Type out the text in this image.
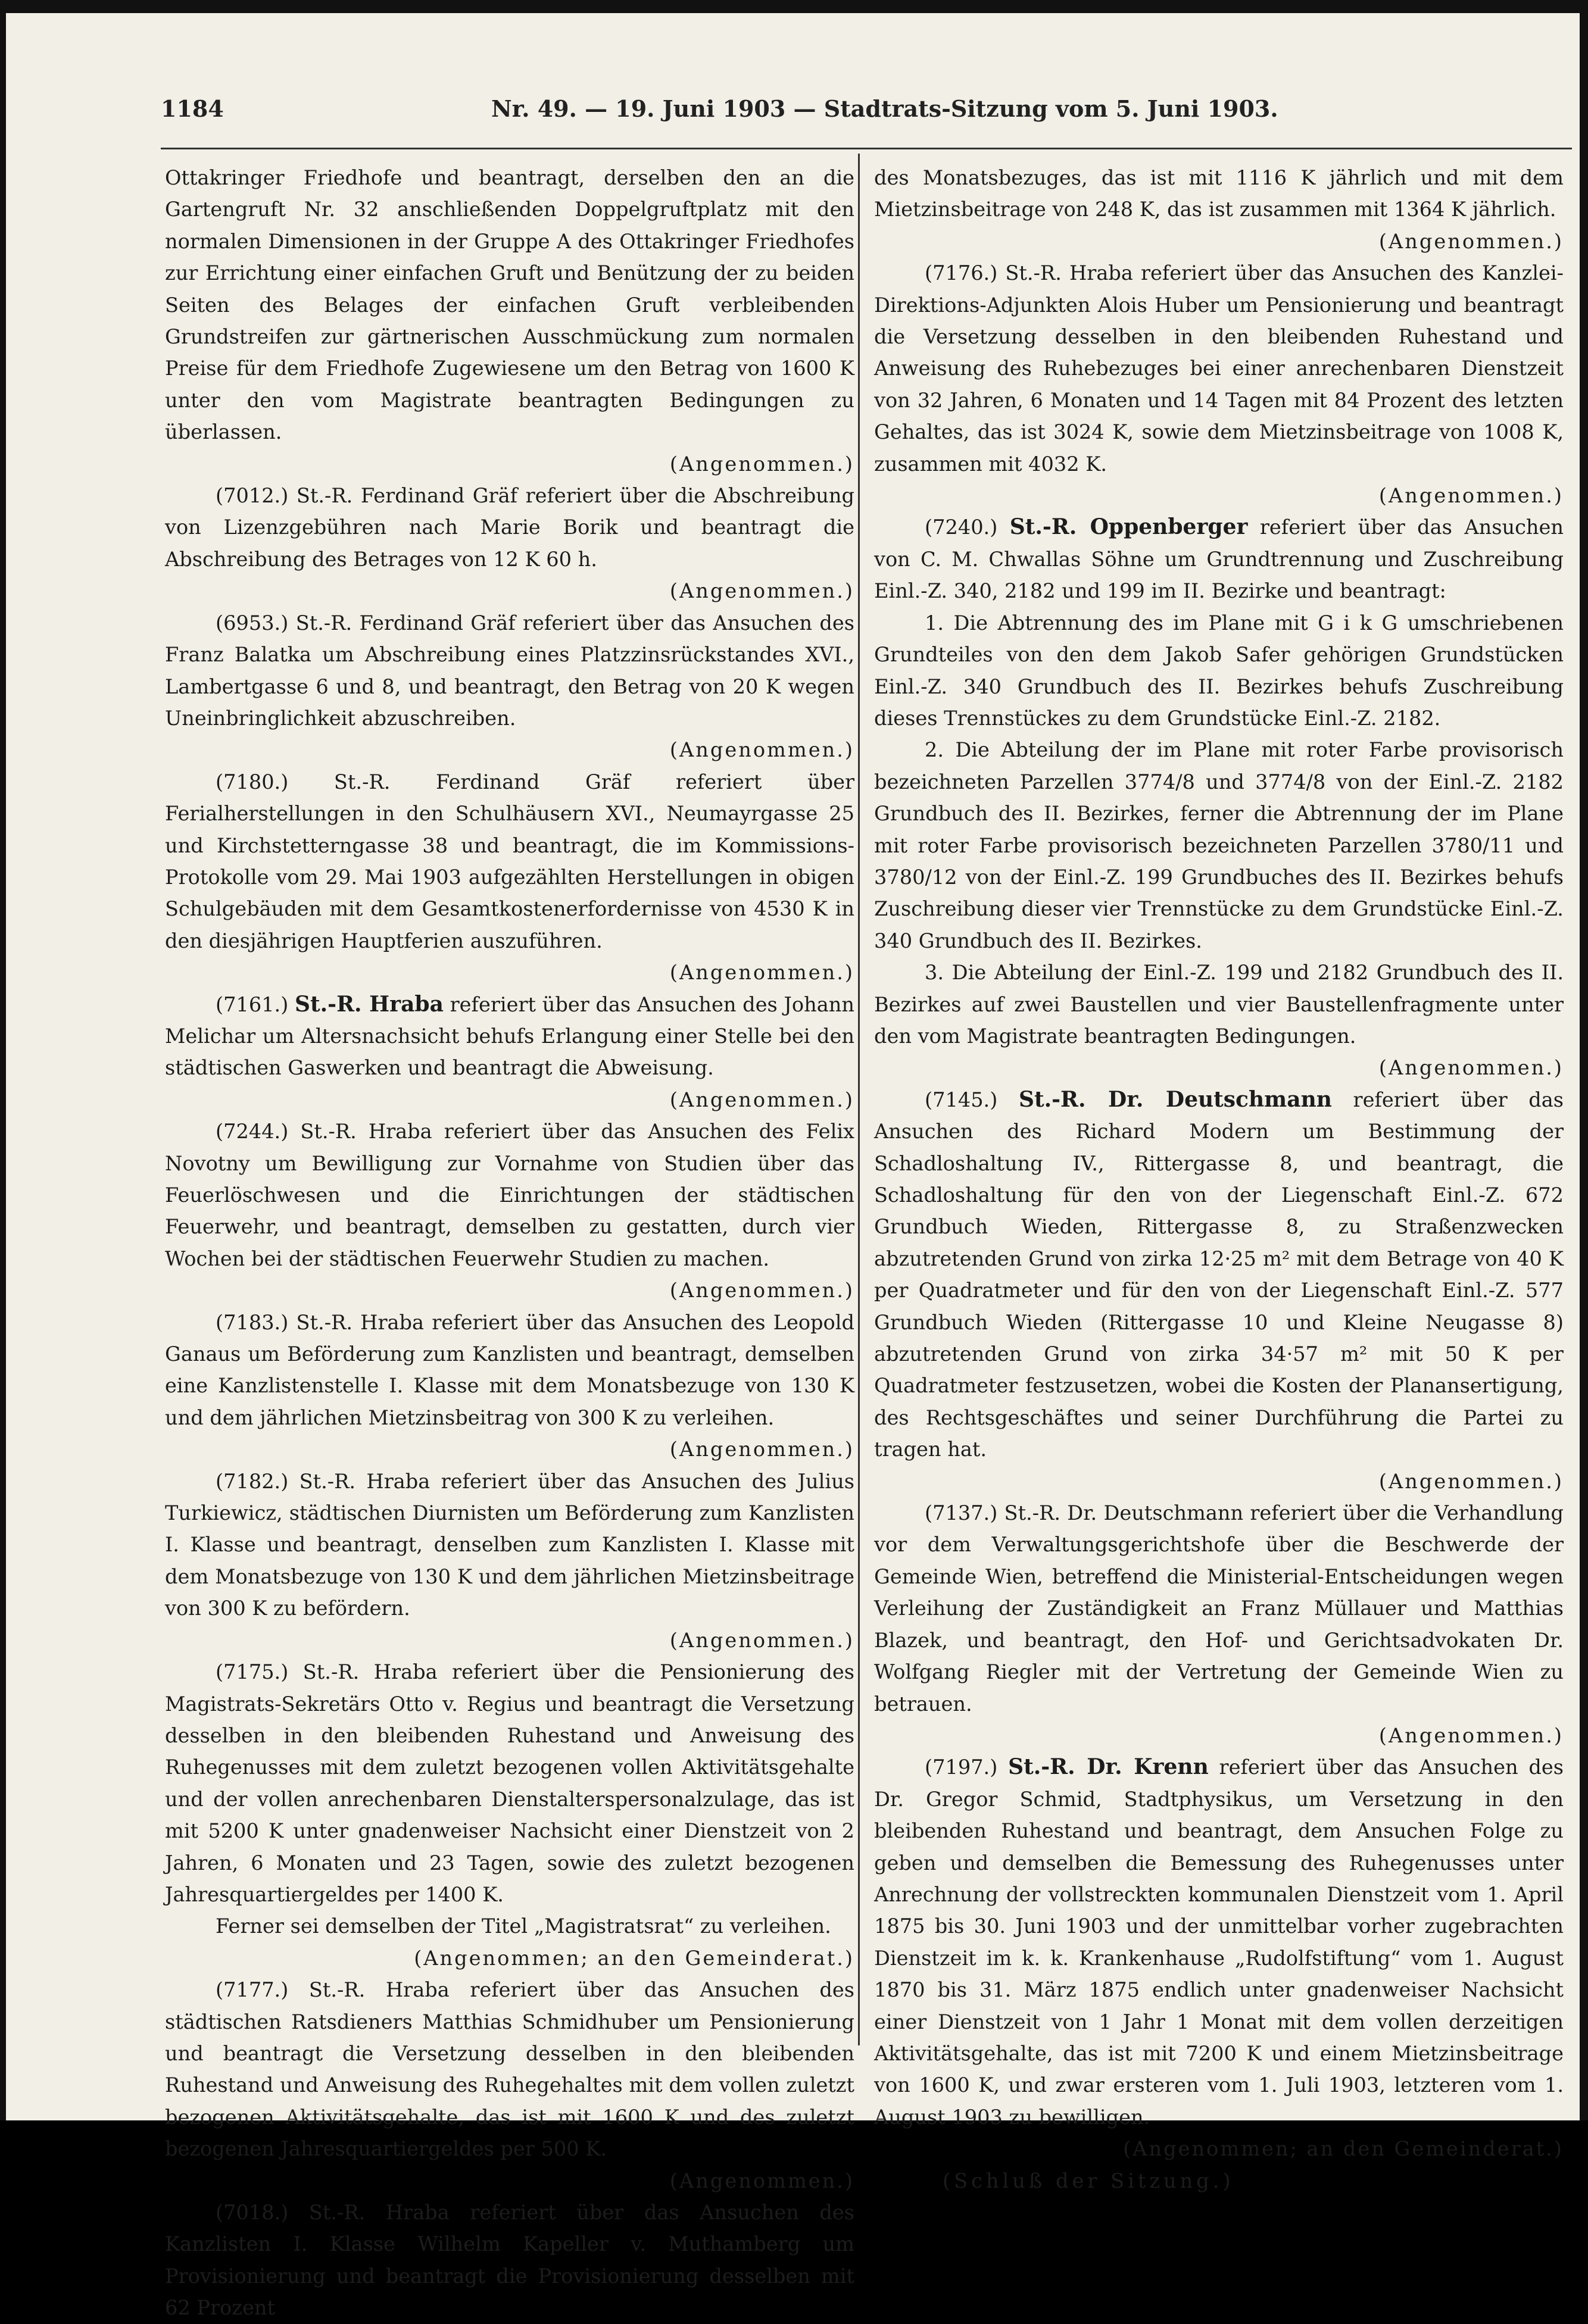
1184	Nr. 49. — 19. Juni 1903 — Stadtrats-Sitzung vom 5. Juni 1903.

Ottakringer Friedhofe und beantragt, derselben den an die Gartengruft Nr. 32 anschließenden Doppelgruftplatz mit den normalen Dimensionen in der Gruppe A des Ottakringer Friedhofes zur Errichtung einer einfachen Gruft und Benützung der zu beiden Seiten des Belages der einfachen Gruft verbleibenden Grundstreifen zur gärtnerischen Ausschmückung zum normalen Preise für dem Friedhofe Zugewiesene um den Betrag von 1600 K unter den vom Magistrate beantragten Bedingungen zu überlassen.
(Angenommen.)

(7012.) St.-R. Ferdinand Gräf referiert über die Abschreibung von Lizenzgebühren nach Marie Borik und beantragt die Abschreibung des Betrages von 12 K 60 h.
(Angenommen.)

(6953.) St.-R. Ferdinand Gräf referiert über das Ansuchen des Franz Balatka um Abschreibung eines Platzzinsrückstandes XVI., Lambertgasse 6 und 8, und beantragt, den Betrag von 20 K wegen Uneinbringlichkeit abzuschreiben.
(Angenommen.)

(7180.) St.-R. Ferdinand Gräf referiert über Ferialherstellungen in den Schulhäusern XVI., Neumayrgasse 25 und Kirchstetterngasse 38 und beantragt, die im Kommissions-Protokolle vom 29. Mai 1903 aufgezählten Herstellungen in obigen Schulgebäuden mit dem Gesamtkostenerfordernisse von 4530 K in den diesjährigen Hauptferien auszuführen.
(Angenommen.)

(7161.) St.-R. Hraba referiert über das Ansuchen des Johann Melichar um Altersnachsicht behufs Erlangung einer Stelle bei den städtischen Gaswerken und beantragt die Abweisung.
(Angenommen.)

(7244.) St.-R. Hraba referiert über das Ansuchen des Felix Novotny um Bewilligung zur Vornahme von Studien über das Feuerlöschwesen und die Einrichtungen der städtischen Feuerwehr, und beantragt, demselben zu gestatten, durch vier Wochen bei der städtischen Feuerwehr Studien zu machen.
(Angenommen.)

(7183.) St.-R. Hraba referiert über das Ansuchen des Leopold Ganaus um Beförderung zum Kanzlisten und beantragt, demselben eine Kanzlistenstelle I. Klasse mit dem Monatsbezuge von 130 K und dem jährlichen Mietzinsbeitrag von 300 K zu verleihen.
(Angenommen.)

(7182.) St.-R. Hraba referiert über das Ansuchen des Julius Turkiewicz, städtischen Diurnisten um Beförderung zum Kanzlisten I. Klasse und beantragt, denselben zum Kanzlisten I. Klasse mit dem Monatsbezuge von 130 K und dem jährlichen Mietzinsbeitrage von 300 K zu befördern.
(Angenommen.)

(7175.) St.-R. Hraba referiert über die Pensionierung des Magistrats-Sekretärs Otto v. Regius und beantragt die Versetzung desselben in den bleibenden Ruhestand und Anweisung des Ruhegenusses mit dem zuletzt bezogenen vollen Aktivitätsgehalte und der vollen anrechenbaren Dienstalterspersonalzulage, das ist mit 5200 K unter gnadenweiser Nachsicht einer Dienstzeit von 2 Jahren, 6 Monaten und 23 Tagen, sowie des zuletzt bezogenen Jahresquartiergeldes per 1400 K.

Ferner sei demselben der Titel „Magistratsrat“ zu verleihen.
(Angenommen; an den Gemeinderat.)

(7177.) St.-R. Hraba referiert über das Ansuchen des städtischen Ratsdieners Matthias Schmidhuber um Pensionierung und beantragt die Versetzung desselben in den bleibenden Ruhestand und Anweisung des Ruhegehaltes mit dem vollen zuletzt bezogenen Aktivitätsgehalte, das ist mit 1600 K und des zuletzt bezogenen Jahresquartiergeldes per 500 K.
(Angenommen.)

(7018.) St.-R. Hraba referiert über das Ansuchen des Kanzlisten I. Klasse Wilhelm Kapeller v. Muthamberg um Provisionierung und beantragt die Provisionierung desselben mit 62 Prozent

des Monatsbezuges, das ist mit 1116 K jährlich und mit dem Mietzinsbeitrage von 248 K, das ist zusammen mit 1364 K jährlich.
(Angenommen.)

(7176.) St.-R. Hraba referiert über das Ansuchen des Kanzlei-Direktions-Adjunkten Alois Huber um Pensionierung und beantragt die Versetzung desselben in den bleibenden Ruhestand und Anweisung des Ruhebezuges bei einer anrechenbaren Dienstzeit von 32 Jahren, 6 Monaten und 14 Tagen mit 84 Prozent des letzten Gehaltes, das ist 3024 K, sowie dem Mietzinsbeitrage von 1008 K, zusammen mit 4032 K.
(Angenommen.)

(7240.) St.-R. Oppenberger referiert über das Ansuchen von C. M. Chwallas Söhne um Grundtrennung und Zuschreibung Einl.-Z. 340, 2182 und 199 im II. Bezirke und beantragt:

1. Die Abtrennung des im Plane mit G i k G umschriebenen Grundteiles von den dem Jakob Safer gehörigen Grundstücken Einl.-Z. 340 Grundbuch des II. Bezirkes behufs Zuschreibung dieses Trennstückes zu dem Grundstücke Einl.-Z. 2182.

2. Die Abteilung der im Plane mit roter Farbe provisorisch bezeichneten Parzellen 3774/8 und 3774/8 von der Einl.-Z. 2182 Grundbuch des II. Bezirkes, ferner die Abtrennung der im Plane mit roter Farbe provisorisch bezeichneten Parzellen 3780/11 und 3780/12 von der Einl.-Z. 199 Grundbuches des II. Bezirkes behufs Zuschreibung dieser vier Trennstücke zu dem Grundstücke Einl.-Z. 340 Grundbuch des II. Bezirkes.

3. Die Abteilung der Einl.-Z. 199 und 2182 Grundbuch des II. Bezirkes auf zwei Baustellen und vier Baustellenfragmente unter den vom Magistrate beantragten Bedingungen.
(Angenommen.)

(7145.) St.-R. Dr. Deutschmann referiert über das Ansuchen des Richard Modern um Bestimmung der Schadloshaltung IV., Rittergasse 8, und beantragt, die Schadloshaltung für den von der Liegenschaft Einl.-Z. 672 Grundbuch Wieden, Rittergasse 8, zu Straßenzwecken abzutretenden Grund von zirka 12·25 m² mit dem Betrage von 40 K per Quadratmeter und für den von der Liegenschaft Einl.-Z. 577 Grundbuch Wieden (Rittergasse 10 und Kleine Neugasse 8) abzutretenden Grund von zirka 34·57 m² mit 50 K per Quadratmeter festzusetzen, wobei die Kosten der Planansertigung, des Rechtsgeschäftes und seiner Durchführung die Partei zu tragen hat.
(Angenommen.)

(7137.) St.-R. Dr. Deutschmann referiert über die Verhandlung vor dem Verwaltungsgerichtshofe über die Beschwerde der Gemeinde Wien, betreffend die Ministerial-Entscheidungen wegen Verleihung der Zuständigkeit an Franz Müllauer und Matthias Blazek, und beantragt, den Hof- und Gerichtsadvokaten Dr. Wolfgang Riegler mit der Vertretung der Gemeinde Wien zu betrauen.
(Angenommen.)

(7197.) St.-R. Dr. Krenn referiert über das Ansuchen des Dr. Gregor Schmid, Stadtphysikus, um Versetzung in den bleibenden Ruhestand und beantragt, dem Ansuchen Folge zu geben und demselben die Bemessung des Ruhegenusses unter Anrechnung der vollstreckten kommunalen Dienstzeit vom 1. April 1875 bis 30. Juni 1903 und der unmittelbar vorher zugebrachten Dienstzeit im k. k. Krankenhause „Rudolfstiftung“ vom 1. August 1870 bis 31. März 1875 endlich unter gnadenweiser Nachsicht einer Dienstzeit von 1 Jahr 1 Monat mit dem vollen derzeitigen Aktivitätsgehalte, das ist mit 7200 K und einem Mietzinsbeitrage von 1600 K, und zwar ersteren vom 1. Juli 1903, letzteren vom 1. August 1903 zu bewilligen.
(Angenommen; an den Gemeinderat.)

(Schluß der Sitzung.)
